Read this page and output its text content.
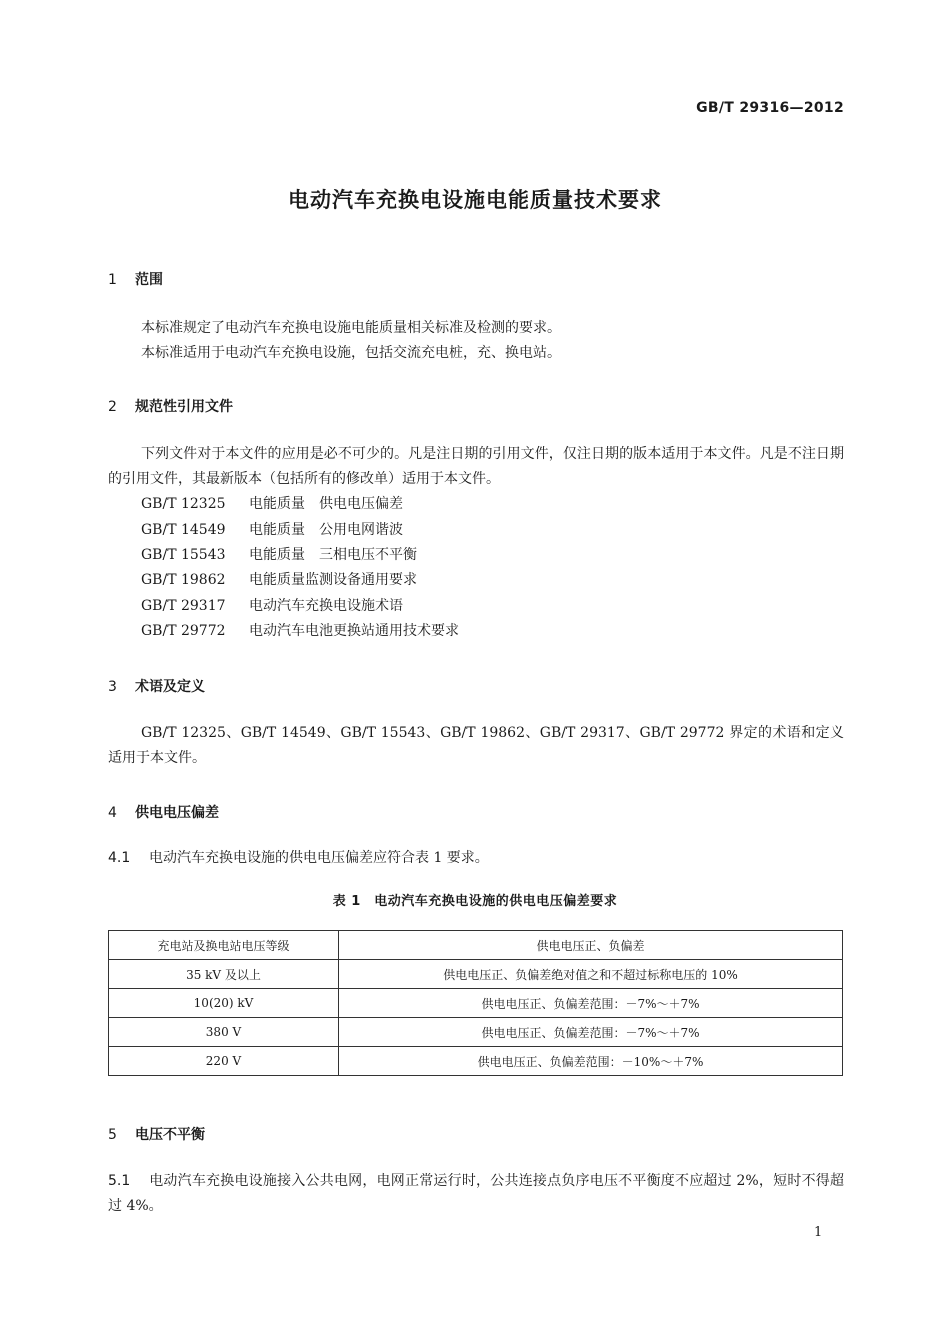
GB/T 29316—2012
电动汽车充换电设施电能质量技术要求
1 范围
本标准规定了电动汽车充换电设施电能质量相关标准及检测的要求。
本标准适用于电动汽车充换电设施，包括交流充电桩，充、换电站。
2 规范性引用文件
下列文件对于本文件的应用是必不可少的。凡是注日期的引用文件，仅注日期的版本适用于本文件。凡是不注日期的引用文件，其最新版本（包括所有的修改单）适用于本文件。
GB/T 12325 电能质量　供电电压偏差
GB/T 14549 电能质量　公用电网谐波
GB/T 15543 电能质量　三相电压不平衡
GB/T 19862 电能质量监测设备通用要求
GB/T 29317 电动汽车充换电设施术语
GB/T 29772 电动汽车电池更换站通用技术要求
3 术语及定义
GB/T 12325、GB/T 14549、GB/T 15543、GB/T 19862、GB/T 29317、GB/T 29772 界定的术语和定义适用于本文件。
4 供电电压偏差
4.1 电动汽车充换电设施的供电电压偏差应符合表 1 要求。
表 1　电动汽车充换电设施的供电电压偏差要求
充电站及换电站电压等级	供电电压正、负偏差
35 kV 及以上	供电电压正、负偏差绝对值之和不超过标称电压的 10%
10(20) kV	供电电压正、负偏差范围：－7%～＋7%
380 V	供电电压正、负偏差范围：－7%～＋7%
220 V	供电电压正、负偏差范围：－10%～＋7%
5 电压不平衡
5.1 电动汽车充换电设施接入公共电网，电网正常运行时，公共连接点负序电压不平衡度不应超过 2%，短时不得超过 4%。
1
